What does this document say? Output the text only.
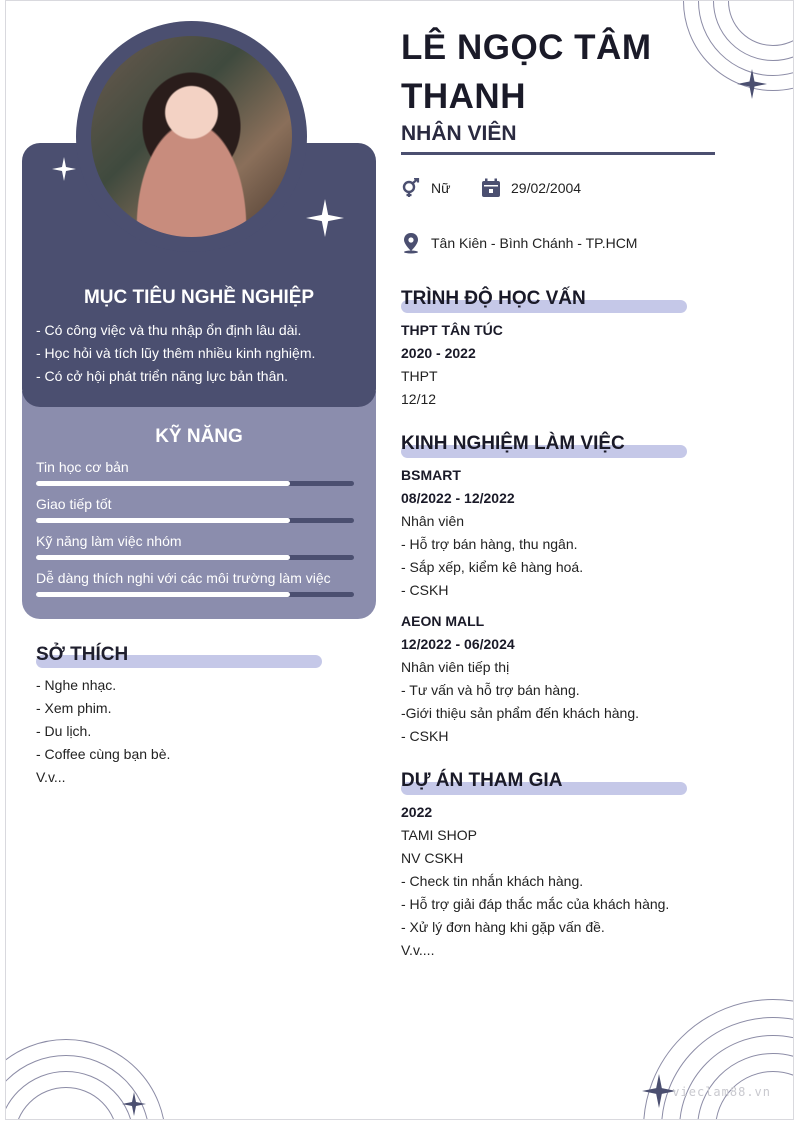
MỤC TIÊU NGHỀ NGHIỆP
- Có công việc và thu nhập ổn định lâu dài.
- Học hỏi và tích lũy thêm nhiều kinh nghiệm.
- Có cở hội phát triển năng lực bản thân.
KỸ NĂNG
Tin học cơ bản
Giao tiếp tốt
Kỹ năng làm việc nhóm
Dễ dàng thích nghi với các môi trường làm việc
SỞ THÍCH
- Nghe nhạc.
- Xem phim.
- Du lịch.
- Coffee cùng bạn bè.
V.v...
LÊ NGỌC TÂM
THANH
NHÂN VIÊN
Nữ	29/02/2004
Tân Kiên - Bình Chánh - TP.HCM
TRÌNH ĐỘ HỌC VẤN
THPT TÂN TÚC
2020 - 2022
THPT
12/12
KINH NGHIỆM LÀM VIỆC
BSMART
08/2022 - 12/2022
Nhân viên
- Hỗ trợ bán hàng, thu ngân.
- Sắp xếp, kiểm kê hàng hoá.
- CSKH
AEON MALL
12/2022 - 06/2024
Nhân viên tiếp thị
- Tư vấn và hỗ trợ bán hàng.
-Giới thiệu sản phẩm đến khách hàng.
- CSKH
DỰ ÁN THAM GIA
2022
TAMI SHOP
NV CSKH
- Check tin nhắn khách hàng.
- Hỗ trợ giải đáp thắc mắc của khách hàng.
- Xử lý đơn hàng khi gặp vấn đề.
V.v....
vieclam88.vn
